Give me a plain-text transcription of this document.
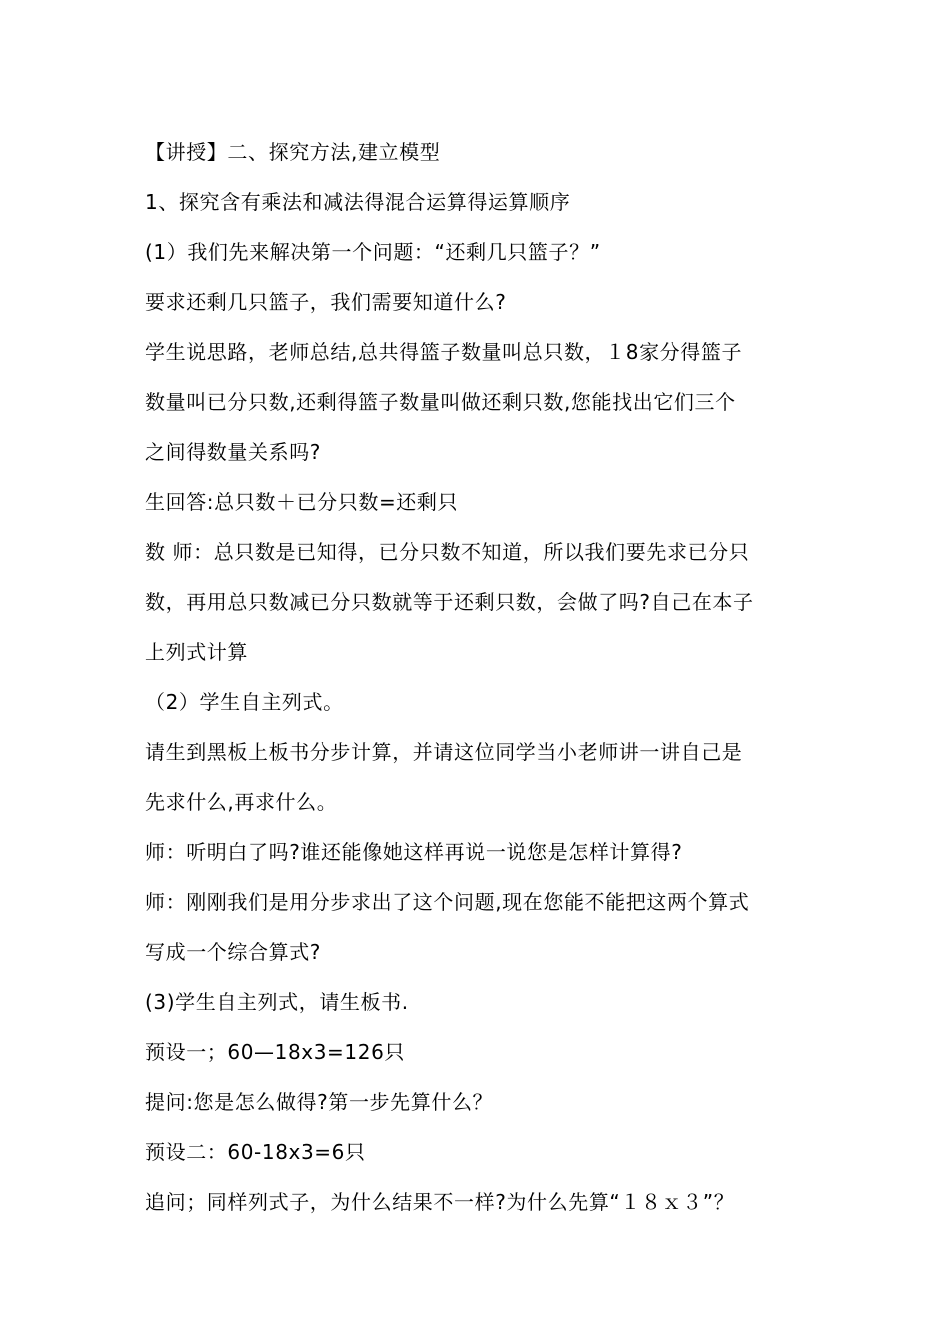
【讲授】二、探究方法,建立模型
1、探究含有乘法和减法得混合运算得运算顺序
(1）我们先来解决第一个问题：“还剩几只篮子？”
要求还剩几只篮子，我们需要知道什么?
学生说思路，老师总结,总共得篮子数量叫总只数，１8家分得篮子
数量叫已分只数,还剩得篮子数量叫做还剩只数,您能找出它们三个
之间得数量关系吗?
生回答:总只数＋已分只数=还剩只
数 师：总只数是已知得，已分只数不知道，所以我们要先求已分只
数，再用总只数减已分只数就等于还剩只数，会做了吗?自己在本子
上列式计算
（2）学生自主列式。
请生到黑板上板书分步计算，并请这位同学当小老师讲一讲自己是
先求什么,再求什么。
师：听明白了吗?谁还能像她这样再说一说您是怎样计算得?
师：刚刚我们是用分步求出了这个问题,现在您能不能把这两个算式
写成一个综合算式?
(3)学生自主列式，请生板书.
预设一；60—18x3=126只
提问:您是怎么做得?第一步先算什么？
预设二：60-18x3=6只
追问；同样列式子，为什么结果不一样?为什么先算“１８ｘ３”？
